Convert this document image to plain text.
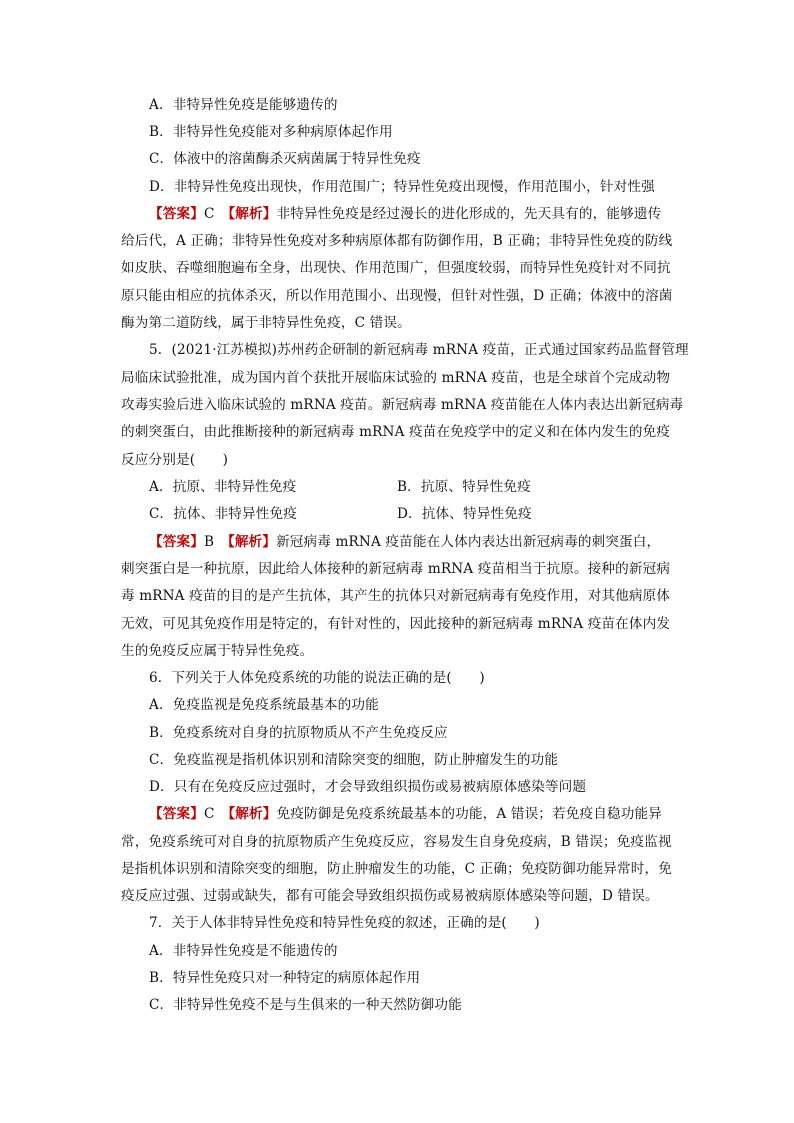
A．非特异性免疫是能够遗传的
B．非特异性免疫能对多种病原体起作用
C．体液中的溶菌酶杀灭病菌属于特异性免疫
D．非特异性免疫出现快，作用范围广；特异性免疫出现慢，作用范围小，针对性强
【答案】C　 【解析】非特异性免疫是经过漫长的进化形成的，先天具有的，能够遗传
给后代，A 正确；非特异性免疫对多种病原体都有防御作用，B 正确；非特异性免疫的防线
如皮肤、吞噬细胞遍布全身，出现快、作用范围广，但强度较弱，而特异性免疫针对不同抗
原只能由相应的抗体杀灭，所以作用范围小、出现慢，但针对性强，D 正确；体液中的溶菌
酶为第二道防线，属于非特异性免疫，C 错误。
5．(2021·江苏模拟)苏州药企研制的新冠病毒 mRNA 疫苗，正式通过国家药品监督管理
局临床试验批准，成为国内首个获批开展临床试验的 mRNA 疫苗，也是全球首个完成动物
攻毒实验后进入临床试验的 mRNA 疫苗。新冠病毒 mRNA 疫苗能在人体内表达出新冠病毒
的刺突蛋白，由此推断接种的新冠病毒 mRNA 疫苗在免疫学中的定义和在体内发生的免疫
反应分别是(　　)
A．抗原、非特异性免疫	B．抗原、特异性免疫
C．抗体、非特异性免疫	D．抗体、特异性免疫
【答案】B　 【解析】新冠病毒 mRNA 疫苗能在人体内表达出新冠病毒的刺突蛋白，
刺突蛋白是一种抗原，因此给人体接种的新冠病毒 mRNA 疫苗相当于抗原。接种的新冠病
毒 mRNA 疫苗的目的是产生抗体，其产生的抗体只对新冠病毒有免疫作用，对其他病原体
无效，可见其免疫作用是特定的，有针对性的，因此接种的新冠病毒 mRNA 疫苗在体内发
生的免疫反应属于特异性免疫。
6．下列关于人体免疫系统的功能的说法正确的是(　　)
A．免疫监视是免疫系统最基本的功能
B．免疫系统对自身的抗原物质从不产生免疫反应
C．免疫监视是指机体识别和清除突变的细胞，防止肿瘤发生的功能
D．只有在免疫反应过强时，才会导致组织损伤或易被病原体感染等问题
【答案】C　 【解析】免疫防御是免疫系统最基本的功能，A 错误；若免疫自稳功能异
常，免疫系统可对自身的抗原物质产生免疫反应，容易发生自身免疫病，B 错误；免疫监视
是指机体识别和清除突变的细胞，防止肿瘤发生的功能，C 正确；免疫防御功能异常时，免
疫反应过强、过弱或缺失，都有可能会导致组织损伤或易被病原体感染等问题，D 错误。
7．关于人体非特异性免疫和特异性免疫的叙述，正确的是(　　)
A．非特异性免疫是不能遗传的
B．特异性免疫只对一种特定的病原体起作用
C．非特异性免疫不是与生俱来的一种天然防御功能
